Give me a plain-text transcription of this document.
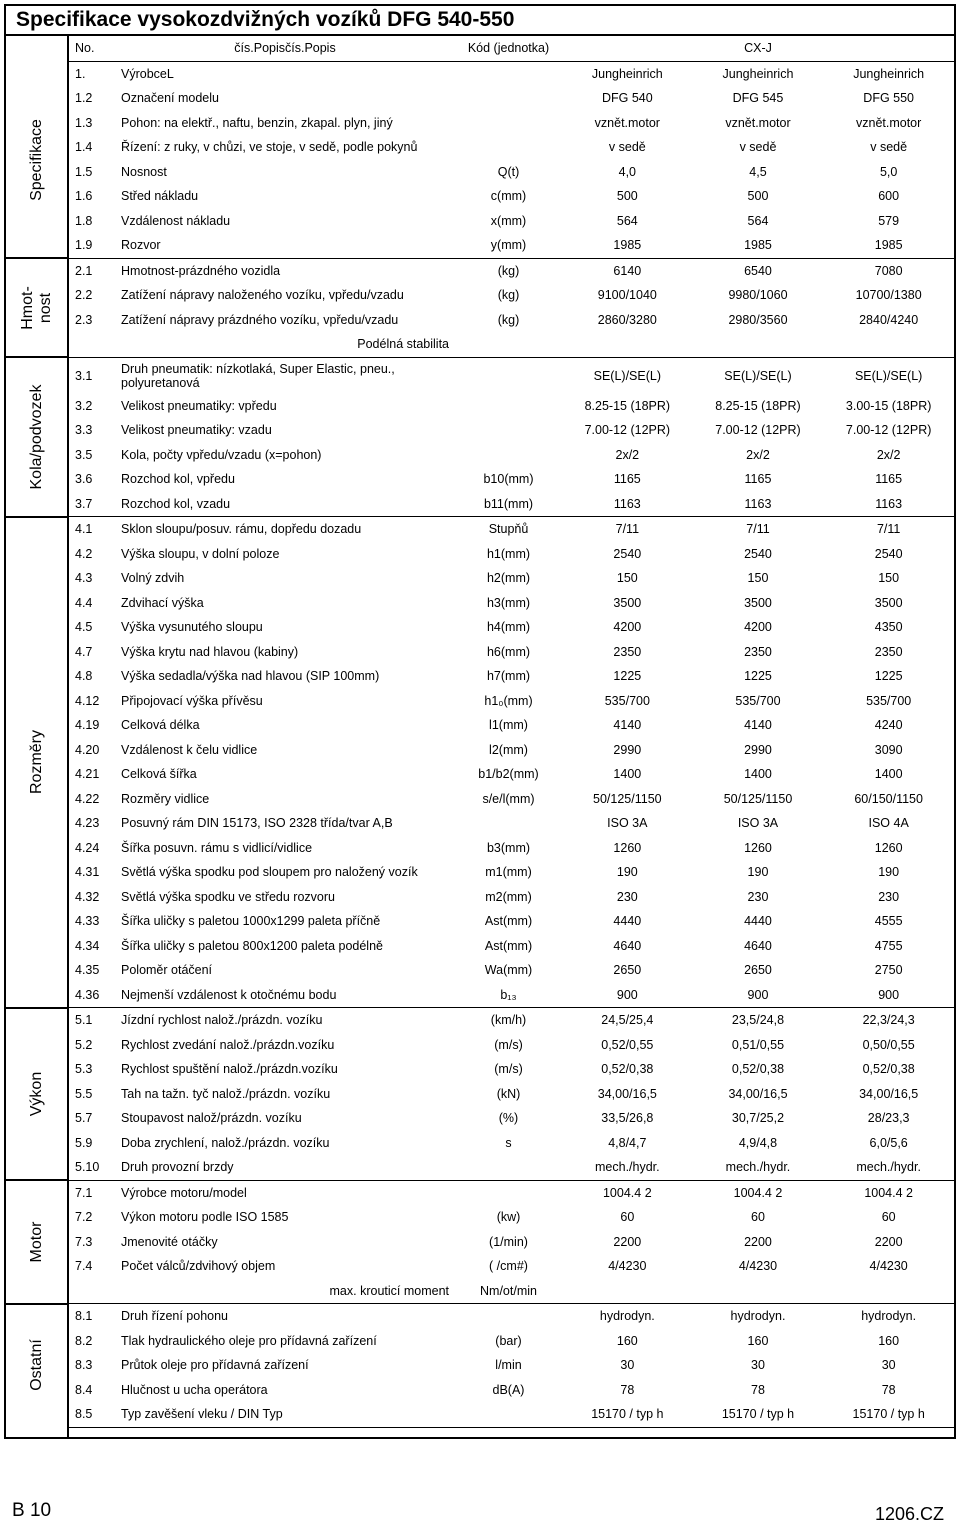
Specifikace vysokozdvižných vozíků DFG 540-550
Specifikace
Hmot-
nost
Kola/podvozek
Rozměry
Výkon
Motor
Ostatní
No.	čís.Popisčís.Popis	Kód (jednotka)	CX-J		
1.	VýrobceL		Jungheinrich	Jungheinrich	Jungheinrich
1.2	Označení modelu		DFG 540	DFG 545	DFG 550
1.3	Pohon: na elektř., naftu, benzin, zkapal. plyn, jiný		vznět.motor	vznět.motor	vznět.motor
1.4	Řízení: z ruky, v chůzi, ve stoje, v sedě, podle pokynů		v sedě	v sedě	v sedě
1.5	Nosnost	Q(t)	4,0	4,5	5,0
1.6	Střed nákladu	c(mm)	500	500	600
1.8	Vzdálenost nákladu	x(mm)	564	564	579
1.9	Rozvor	y(mm)	1985	1985	1985
2.1	Hmotnost-prázdného vozidla	(kg)	6140	6540	7080
2.2	Zatížení nápravy naloženého vozíku, vpředu/vzadu	(kg)	9100/1040	9980/1060	10700/1380
2.3	Zatížení nápravy prázdného vozíku, vpředu/vzadu	(kg)	2860/3280	2980/3560	2840/4240
	Podélná stabilita				
3.1	Druh pneumatik: nízkotlaká, Super Elastic, pneu., polyuretanová		SE(L)/SE(L)	SE(L)/SE(L)	SE(L)/SE(L)
3.2	Velikost pneumatiky: vpředu		8.25-15 (18PR)	8.25-15 (18PR)	3.00-15 (18PR)
3.3	Velikost pneumatiky: vzadu		7.00-12 (12PR)	7.00-12 (12PR)	7.00-12 (12PR)
3.5	Kola, počty vpředu/vzadu (x=pohon)		2x/2	2x/2	2x/2
3.6	Rozchod kol, vpředu	b10(mm)	1165	1165	1165
3.7	Rozchod kol, vzadu	b11(mm)	1163	1163	1163
4.1	Sklon sloupu/posuv. rámu, dopředu dozadu	Stupňů	7/11	7/11	7/11
4.2	Výška sloupu, v dolní poloze	h1(mm)	2540	2540	2540
4.3	Volný zdvih	h2(mm)	150	150	150
4.4	Zdvihací výška	h3(mm)	3500	3500	3500
4.5	Výška vysunutého sloupu	h4(mm)	4200	4200	4350
4.7	Výška krytu nad hlavou (kabiny)	h6(mm)	2350	2350	2350
4.8	Výška sedadla/výška nad hlavou (SIP 100mm)	h7(mm)	1225	1225	1225
4.12	Připojovací výška přívěsu	h1₀(mm)	535/700	535/700	535/700
4.19	Celková délka	l1(mm)	4140	4140	4240
4.20	Vzdálenost k čelu vidlice	l2(mm)	2990	2990	3090
4.21	Celková šířka	b1/b2(mm)	1400	1400	1400
4.22	Rozměry vidlice	s/e/l(mm)	50/125/1150	50/125/1150	60/150/1150
4.23	Posuvný rám DIN 15173, ISO 2328 třída/tvar A,B		ISO 3A	ISO 3A	ISO 4A
4.24	Šířka posuvn. rámu s vidlicí/vidlice	b3(mm)	1260	1260	1260
4.31	Světlá výška spodku pod sloupem pro naložený vozík	m1(mm)	190	190	190
4.32	Světlá výška spodku ve středu rozvoru	m2(mm)	230	230	230
4.33	Šířka uličky s paletou 1000x1299 paleta příčně	Ast(mm)	4440	4440	4555
4.34	Šířka uličky s paletou 800x1200 paleta podélně	Ast(mm)	4640	4640	4755
4.35	Poloměr otáčení	Wa(mm)	2650	2650	2750
4.36	Nejmenší vzdálenost k otočnému bodu	b₁₃	900	900	900
5.1	Jízdní rychlost nalož./prázdn. vozíku	(km/h)	24,5/25,4	23,5/24,8	22,3/24,3
5.2	Rychlost zvedání nalož./prázdn.vozíku	(m/s)	0,52/0,55	0,51/0,55	0,50/0,55
5.3	Rychlost spuštění nalož./prázdn.vozíku	(m/s)	0,52/0,38	0,52/0,38	0,52/0,38
5.5	Tah na tažn. tyč nalož./prázdn. vozíku	(kN)	34,00/16,5	34,00/16,5	34,00/16,5
5.7	Stoupavost nalož/prázdn. vozíku	(%)	33,5/26,8	30,7/25,2	28/23,3
5.9	Doba zrychlení, nalož./prázdn. vozíku	s	4,8/4,7	4,9/4,8	6,0/5,6
5.10	Druh provozní brzdy		mech./hydr.	mech./hydr.	mech./hydr.
7.1	Výrobce motoru/model		1004.4 2	1004.4 2	1004.4 2
7.2	Výkon motoru podle ISO 1585	(kw)	60	60	60
7.3	Jmenovité otáčky	(1/min)	2200	2200	2200
7.4	Počet válců/zdvihový objem	( /cm#)	4/4230	4/4230	4/4230
	max. krouticí moment	Nm/ot/min			
8.1	Druh řízení pohonu		hydrodyn.	hydrodyn.	hydrodyn.
8.2	Tlak hydraulického oleje pro přídavná zařízení	(bar)	160	160	160
8.3	Průtok oleje pro přídavná zařízení	l/min	30	30	30
8.4	Hlučnost u ucha operátora	dB(A)	78	78	78
8.5	Typ zavěšení vleku / DIN Typ		15170 / typ h	15170 / typ h	15170 / typ h
B 10	1206.CZ
